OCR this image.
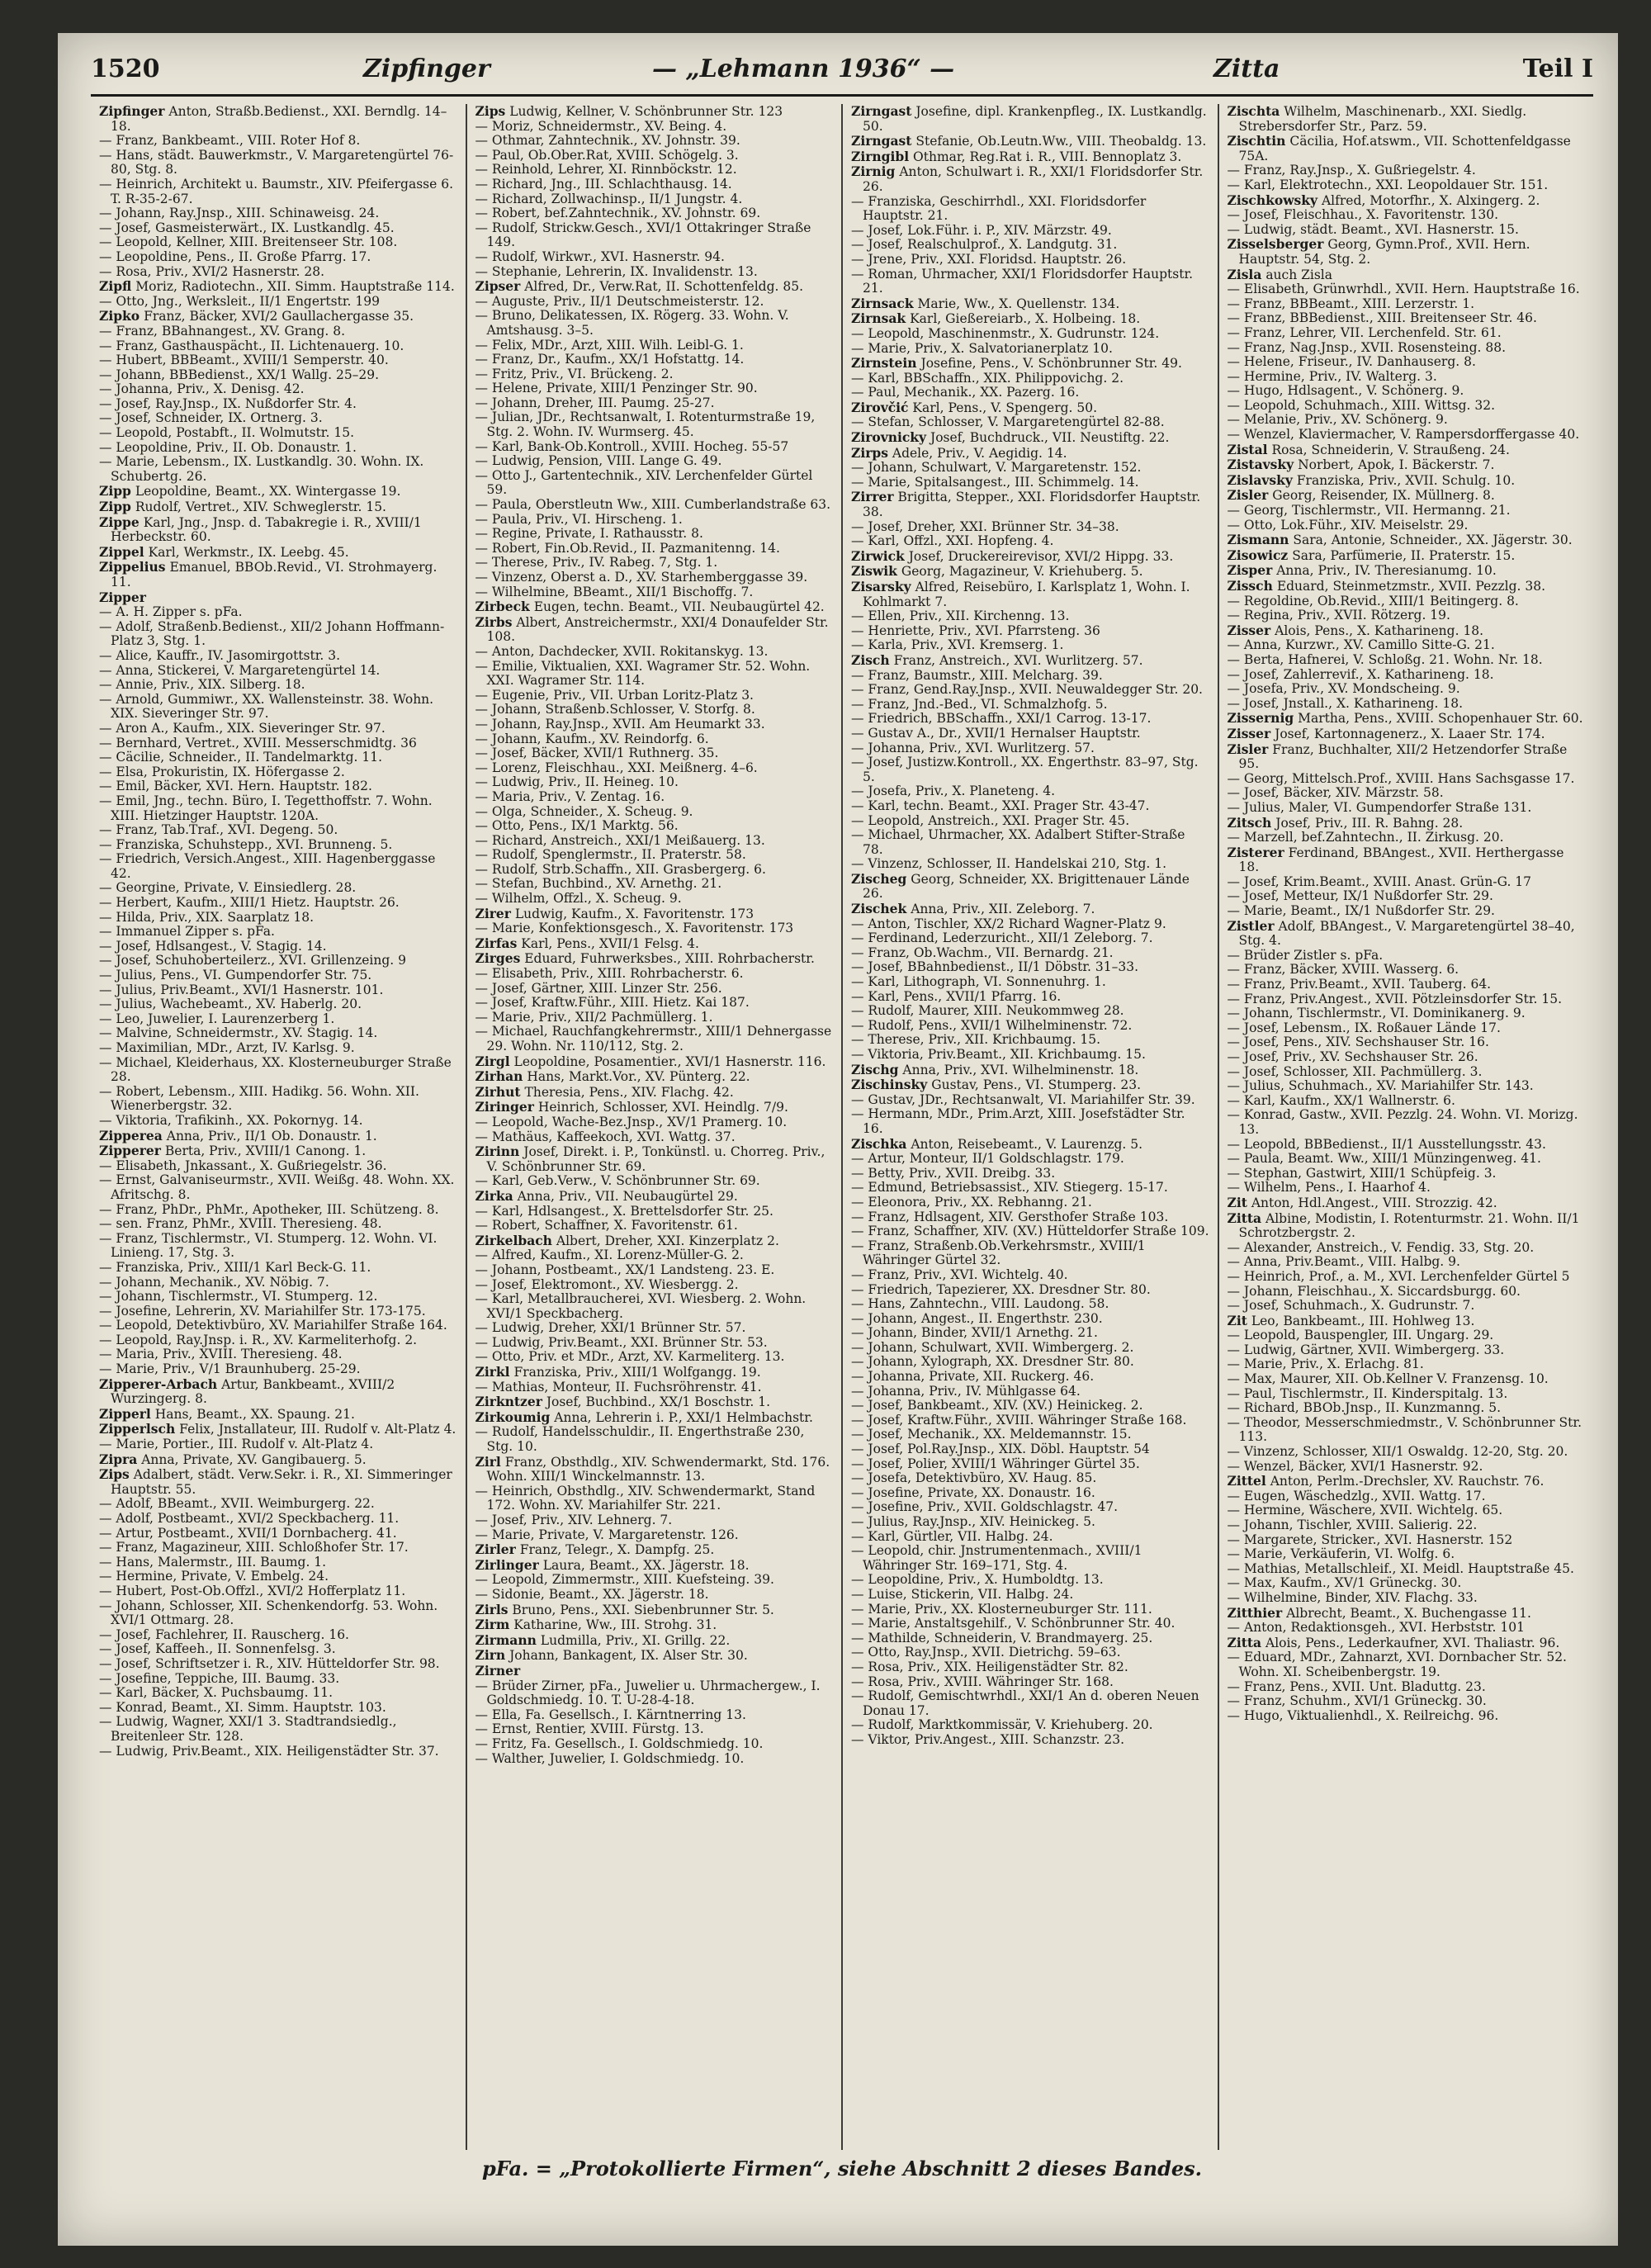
1520	Zipfinger	— „Lehmann 1936“ —	Zitta	Teil I

Zipfinger Anton, Straßb.Bedienst., XXI. Berndlg. 14–18.

— Franz, Bankbeamt., VIII. Roter Hof 8.

— Hans, städt. Bauwerkmstr., V. Margaretengürtel 76-80, Stg. 8.

— Heinrich, Architekt u. Baumstr., XIV. Pfeifergasse 6. T. R-35-2-67.

— Johann, Ray.Jnsp., XIII. Schinaweisg. 24.

— Josef, Gasmeisterwärt., IX. Lustkandlg. 45.

— Leopold, Kellner, XIII. Breitenseer Str. 108.

— Leopoldine, Pens., II. Große Pfarrg. 17.

— Rosa, Priv., XVI/2 Hasnerstr. 28.

Zipfl Moriz, Radiotechn., XII. Simm. Hauptstraße 114.

— Otto, Jng., Werksleit., II/1 Engertstr. 199

Zipko Franz, Bäcker, XVI/2 Gaullachergasse 35.

— Franz, BBahnangest., XV. Grang. 8.

— Franz, Gasthauspächt., II. Lichtenauerg. 10.

— Hubert, BBBeamt., XVIII/1 Semperstr. 40.

— Johann, BBBedienst., XX/1 Wallg. 25–29.

— Johanna, Priv., X. Denisg. 42.

— Josef, Ray.Jnsp., IX. Nußdorfer Str. 4.

— Josef, Schneider, IX. Ortnerg. 3.

— Leopold, Postabft., II. Wolmutstr. 15.

— Leopoldine, Priv., II. Ob. Donaustr. 1.

— Marie, Lebensm., IX. Lustkandlg. 30. Wohn. IX. Schubertg. 26.

Zipp Leopoldine, Beamt., XX. Wintergasse 19.

Zipp Rudolf, Vertret., XIV. Schweglerstr. 15.

Zippe Karl, Jng., Jnsp. d. Tabakregie i. R., XVIII/1 Herbeckstr. 60.

Zippel Karl, Werkmstr., IX. Leebg. 45.

Zippelius Emanuel, BBOb.Revid., VI. Strohmayerg. 11.

Zipper

— A. H. Zipper s. pFa.

— Adolf, Straßenb.Bedienst., XII/2 Johann Hoffmann-Platz 3, Stg. 1.

— Alice, Kauffr., IV. Jasomirgottstr. 3.

— Anna, Stickerei, V. Margaretengürtel 14.

— Annie, Priv., XIX. Silberg. 18.

— Arnold, Gummiwr., XX. Wallensteinstr. 38. Wohn. XIX. Sieveringer Str. 97.

— Aron A., Kaufm., XIX. Sieveringer Str. 97.

— Bernhard, Vertret., XVIII. Messerschmidtg. 36

— Cäcilie, Schneider., II. Tandelmarktg. 11.

— Elsa, Prokuristin, IX. Höfergasse 2.

— Emil, Bäcker, XVI. Hern. Hauptstr. 182.

— Emil, Jng., techn. Büro, I. Tegetthoffstr. 7. Wohn. XIII. Hietzinger Hauptstr. 120A.

— Franz, Tab.Traf., XVI. Degeng. 50.

— Franziska, Schuhstepp., XVI. Brunneng. 5.

— Friedrich, Versich.Angest., XIII. Hagenberggasse 42.

— Georgine, Private, V. Einsiedlerg. 28.

— Herbert, Kaufm., XIII/1 Hietz. Hauptstr. 26.

— Hilda, Priv., XIX. Saarplatz 18.

— Immanuel Zipper s. pFa.

— Josef, Hdlsangest., V. Stagig. 14.

— Josef, Schuhoberteilerz., XVI. Grillenzeing. 9

— Julius, Pens., VI. Gumpendorfer Str. 75.

— Julius, Priv.Beamt., XVI/1 Hasnerstr. 101.

— Julius, Wachebeamt., XV. Haberlg. 20.

— Leo, Juwelier, I. Laurenzerberg 1.

— Malvine, Schneidermstr., XV. Stagig. 14.

— Maximilian, MDr., Arzt, IV. Karlsg. 9.

— Michael, Kleiderhaus, XX. Klosterneuburger Straße 28.

— Robert, Lebensm., XIII. Hadikg. 56. Wohn. XII. Wienerbergstr. 32.

— Viktoria, Trafikinh., XX. Pokornyg. 14.

Zipperea Anna, Priv., II/1 Ob. Donaustr. 1.

Zipperer Berta, Priv., XVIII/1 Canong. 1.

— Elisabeth, Jnkassant., X. Gußriegelstr. 36.

— Ernst, Galvaniseurmstr., XVII. Weißg. 48. Wohn. XX. Afritschg. 8.

— Franz, PhDr., PhMr., Apotheker, III. Schützeng. 8.

— sen. Franz, PhMr., XVIII. Theresieng. 48.

— Franz, Tischlermstr., VI. Stumperg. 12. Wohn. VI. Linieng. 17, Stg. 3.

— Franziska, Priv., XIII/1 Karl Beck-G. 11.

— Johann, Mechanik., XV. Nöbig. 7.

— Johann, Tischlermstr., VI. Stumperg. 12.

— Josefine, Lehrerin, XV. Mariahilfer Str. 173-175.

— Leopold, Detektivbüro, XV. Mariahilfer Straße 164.

— Leopold, Ray.Jnsp. i. R., XV. Karmeliterhofg. 2.

— Maria, Priv., XVIII. Theresieng. 48.

— Marie, Priv., V/1 Braunhuberg. 25-29.

Zipperer-Arbach Artur, Bankbeamt., XVIII/2 Wurzingerg. 8.

Zipperl Hans, Beamt., XX. Spaung. 21.

Zipperlsch Felix, Jnstallateur, III. Rudolf v. Alt-Platz 4.

— Marie, Portier., III. Rudolf v. Alt-Platz 4.

Zipra Anna, Private, XV. Gangibauerg. 5.

Zips Adalbert, städt. Verw.Sekr. i. R., XI. Simmeringer Hauptstr. 55.

— Adolf, BBeamt., XVII. Weimburgerg. 22.

— Adolf, Postbeamt., XVI/2 Speckbacherg. 11.

— Artur, Postbeamt., XVII/1 Dornbacherg. 41.

— Franz, Magazineur, XIII. Schloßhofer Str. 17.

— Hans, Malermstr., III. Baumg. 1.

— Hermine, Private, V. Embelg. 24.

— Hubert, Post-Ob.Offzl., XVI/2 Hofferplatz 11.

— Johann, Schlosser, XII. Schenkendorfg. 53. Wohn. XVI/1 Ottmarg. 28.

— Josef, Fachlehrer, II. Rauscherg. 16.

— Josef, Kaffeeh., II. Sonnenfelsg. 3.

— Josef, Schriftsetzer i. R., XIV. Hütteldorfer Str. 98.

— Josefine, Teppiche, III. Baumg. 33.

— Karl, Bäcker, X. Puchsbaumg. 11.

— Konrad, Beamt., XI. Simm. Hauptstr. 103.

— Ludwig, Wagner, XXI/1 3. Stadtrandsiedlg., Breitenleer Str. 128.

— Ludwig, Priv.Beamt., XIX. Heiligenstädter Str. 37.

Zips Ludwig, Kellner, V. Schönbrunner Str. 123

— Moriz, Schneidermstr., XV. Being. 4.

— Othmar, Zahntechnik., XV. Johnstr. 39.

— Paul, Ob.Ober.Rat, XVIII. Schögelg. 3.

— Reinhold, Lehrer, XI. Rinnböckstr. 12.

— Richard, Jng., III. Schlachthausg. 14.

— Richard, Zollwachinsp., II/1 Jungstr. 4.

— Robert, bef.Zahntechnik., XV. Johnstr. 69.

— Rudolf, Strickw.Gesch., XVI/1 Ottakringer Straße 149.

— Rudolf, Wirkwr., XVI. Hasnerstr. 94.

— Stephanie, Lehrerin, IX. Invalidenstr. 13.

Zipser Alfred, Dr., Verw.Rat, II. Schottenfeldg. 85.

— Auguste, Priv., II/1 Deutschmeisterstr. 12.

— Bruno, Delikatessen, IX. Rögerg. 33. Wohn. V. Amtshausg. 3–5.

— Felix, MDr., Arzt, XIII. Wilh. Leibl-G. 1.

— Franz, Dr., Kaufm., XX/1 Hofstattg. 14.

— Fritz, Priv., VI. Brückeng. 2.

— Helene, Private, XIII/1 Penzinger Str. 90.

— Johann, Dreher, III. Paumg. 25-27.

— Julian, JDr., Rechtsanwalt, I. Rotenturmstraße 19, Stg. 2. Wohn. IV. Wurmserg. 45.

— Karl, Bank-Ob.Kontroll., XVIII. Hocheg. 55-57

— Ludwig, Pension, VIII. Lange G. 49.

— Otto J., Gartentechnik., XIV. Lerchenfelder Gürtel 59.

— Paula, Oberstleutn Ww., XIII. Cumberlandstraße 63.

— Paula, Priv., VI. Hirscheng. 1.

— Regine, Private, I. Rathausstr. 8.

— Robert, Fin.Ob.Revid., II. Pazmanitenng. 14.

— Therese, Priv., IV. Rabeg. 7, Stg. 1.

— Vinzenz, Oberst a. D., XV. Starhemberggasse 39.

— Wilhelmine, BBeamt., XII/1 Bischoffg. 7.

Zirbeck Eugen, techn. Beamt., VII. Neubaugürtel 42.

Zirbs Albert, Anstreichermstr., XXI/4 Donaufelder Str. 108.

— Anton, Dachdecker, XVII. Rokitanskyg. 13.

— Emilie, Viktualien, XXI. Wagramer Str. 52. Wohn. XXI. Wagramer Str. 114.

— Eugenie, Priv., VII. Urban Loritz-Platz 3.

— Johann, Straßenb.Schlosser, V. Storfg. 8.

— Johann, Ray.Jnsp., XVII. Am Heumarkt 33.

— Johann, Kaufm., XV. Reindorfg. 6.

— Josef, Bäcker, XVII/1 Ruthnerg. 35.

— Lorenz, Fleischhau., XXI. Meißnerg. 4–6.

— Ludwig, Priv., II. Heineg. 10.

— Maria, Priv., V. Zentag. 16.

— Olga, Schneider., X. Scheug. 9.

— Otto, Pens., IX/1 Marktg. 56.

— Richard, Anstreich., XXI/1 Meißauerg. 13.

— Rudolf, Spenglermstr., II. Praterstr. 58.

— Rudolf, Strb.Schaffn., XII. Grasbergerg. 6.

— Stefan, Buchbind., XV. Arnethg. 21.

— Wilhelm, Offzl., X. Scheug. 9.

Zirer Ludwig, Kaufm., X. Favoritenstr. 173

— Marie, Konfektionsgesch., X. Favoritenstr. 173

Zirfas Karl, Pens., XVII/1 Felsg. 4.

Zirges Eduard, Fuhrwerksbes., XIII. Rohrbacherstr.

— Elisabeth, Priv., XIII. Rohrbacherstr. 6.

— Josef, Gärtner, XIII. Linzer Str. 256.

— Josef, Kraftw.Führ., XIII. Hietz. Kai 187.

— Marie, Priv., XII/2 Pachmüllerg. 1.

— Michael, Rauchfangkehrermstr., XIII/1 Dehnergasse 29. Wohn. Nr. 110/112, Stg. 2.

Zirgl Leopoldine, Posamentier., XVI/1 Hasnerstr. 116.

Zirhan Hans, Markt.Vor., XV. Pünterg. 22.

Zirhut Theresia, Pens., XIV. Flachg. 42.

Ziringer Heinrich, Schlosser, XVI. Heindlg. 7/9.

— Leopold, Wache-Bez.Jnsp., XV/1 Pramerg. 10.

— Mathäus, Kaffeekoch, XVI. Wattg. 37.

Zirinn Josef, Direkt. i. P., Tonkünstl. u. Chorreg. Priv., V. Schönbrunner Str. 69.

— Karl, Geb.Verw., V. Schönbrunner Str. 69.

Zirka Anna, Priv., VII. Neubaugürtel 29.

— Karl, Hdlsangest., X. Brettelsdorfer Str. 25.

— Robert, Schaffner, X. Favoritenstr. 61.

Zirkelbach Albert, Dreher, XXI. Kinzerplatz 2.

— Alfred, Kaufm., XI. Lorenz-Müller-G. 2.

— Johann, Postbeamt., XX/1 Landsteng. 23. E.

— Josef, Elektromont., XV. Wiesbergg. 2.

— Karl, Metallbraucherei, XVI. Wiesberg. 2. Wohn. XVI/1 Speckbacherg.

— Ludwig, Dreher, XXI/1 Brünner Str. 57.

— Ludwig, Priv.Beamt., XXI. Brünner Str. 53.

— Otto, Priv. et MDr., Arzt, XV. Karmeliterg. 13.

Zirkl Franziska, Priv., XIII/1 Wolfgangg. 19.

— Mathias, Monteur, II. Fuchsröhrenstr. 41.

Zirkntzer Josef, Buchbind., XX/1 Boschstr. 1.

Zirkoumig Anna, Lehrerin i. P., XXI/1 Helmbachstr.

— Rudolf, Handelsschuldir., II. Engerthstraße 230, Stg. 10.

Zirl Franz, Obsthdlg., XIV. Schwendermarkt, Std. 176. Wohn. XIII/1 Winckelmannstr. 13.

— Heinrich, Obsthdlg., XIV. Schwendermarkt, Stand 172. Wohn. XV. Mariahilfer Str. 221.

— Josef, Priv., XIV. Lehnerg. 7.

— Marie, Private, V. Margaretenstr. 126.

Zirler Franz, Telegr., X. Dampfg. 25.

Zirlinger Laura, Beamt., XX. Jägerstr. 18.

— Leopold, Zimmermstr., XIII. Kuefsteing. 39.

— Sidonie, Beamt., XX. Jägerstr. 18.

Zirls Bruno, Pens., XXI. Siebenbrunner Str. 5.

Zirm Katharine, Ww., III. Strohg. 31.

Zirmann Ludmilla, Priv., XI. Grillg. 22.

Zirn Johann, Bankagent, IX. Alser Str. 30.

Zirner

— Brüder Zirner, pFa., Juwelier u. Uhrmachergew., I. Goldschmiedg. 10. T. U-28-4-18.

— Ella, Fa. Gesellsch., I. Kärntnerring 13.

— Ernst, Rentier, XVIII. Fürstg. 13.

— Fritz, Fa. Gesellsch., I. Goldschmiedg. 10.

— Walther, Juwelier, I. Goldschmiedg. 10.

Zirngast Josefine, dipl. Krankenpfleg., IX. Lustkandlg. 50.

Zirngast Stefanie, Ob.Leutn.Ww., VIII. Theobaldg. 13.

Zirngibl Othmar, Reg.Rat i. R., VIII. Bennoplatz 3.

Zirnig Anton, Schulwart i. R., XXI/1 Floridsdorfer Str. 26.

— Franziska, Geschirrhdl., XXI. Floridsdorfer Hauptstr. 21.

— Josef, Lok.Führ. i. P., XIV. Märzstr. 49.

— Josef, Realschulprof., X. Landgutg. 31.

— Jrene, Priv., XXI. Floridsd. Hauptstr. 26.

— Roman, Uhrmacher, XXI/1 Floridsdorfer Hauptstr. 21.

Zirnsack Marie, Ww., X. Quellenstr. 134.

Zirnsak Karl, Gießereiarb., X. Holbeing. 18.

— Leopold, Maschinenmstr., X. Gudrunstr. 124.

— Marie, Priv., X. Salvatorianerplatz 10.

Zirnstein Josefine, Pens., V. Schönbrunner Str. 49.

— Karl, BBSchaffn., XIX. Philippovichg. 2.

— Paul, Mechanik., XX. Pazerg. 16.

Zirovčić Karl, Pens., V. Spengerg. 50.

— Stefan, Schlosser, V. Margaretengürtel 82-88.

Zirovnicky Josef, Buchdruck., VII. Neustiftg. 22.

Zirps Adele, Priv., V. Aegidig. 14.

— Johann, Schulwart, V. Margaretenstr. 152.

— Marie, Spitalsangest., III. Schimmelg. 14.

Zirrer Brigitta, Stepper., XXI. Floridsdorfer Hauptstr. 38.

— Josef, Dreher, XXI. Brünner Str. 34–38.

— Karl, Offzl., XXI. Hopfeng. 4.

Zirwick Josef, Druckereirevisor, XVI/2 Hippg. 33.

Ziswik Georg, Magazineur, V. Kriehuberg. 5.

Zisarsky Alfred, Reisebüro, I. Karlsplatz 1, Wohn. I. Kohlmarkt 7.

— Ellen, Priv., XII. Kirchenng. 13.

— Henriette, Priv., XVI. Pfarrsteng. 36

— Karla, Priv., XVI. Kremserg. 1.

Zisch Franz, Anstreich., XVI. Wurlitzerg. 57.

— Franz, Baumstr., XIII. Melcharg. 39.

— Franz, Gend.Ray.Jnsp., XVII. Neuwaldegger Str. 20.

— Franz, Jnd.-Bed., VI. Schmalzhofg. 5.

— Friedrich, BBSchaffn., XXI/1 Carrog. 13-17.

— Gustav A., Dr., XVII/1 Hernalser Hauptstr.

— Johanna, Priv., XVI. Wurlitzerg. 57.

— Josef, Justizw.Kontroll., XX. Engerthstr. 83–97, Stg. 5.

— Josefa, Priv., X. Planeteng. 4.

— Karl, techn. Beamt., XXI. Prager Str. 43-47.

— Leopold, Anstreich., XXI. Prager Str. 45.

— Michael, Uhrmacher, XX. Adalbert Stifter-Straße 78.

— Vinzenz, Schlosser, II. Handelskai 210, Stg. 1.

Zischeg Georg, Schneider, XX. Brigittenauer Lände 26.

Zischek Anna, Priv., XII. Zeleborg. 7.

— Anton, Tischler, XX/2 Richard Wagner-Platz 9.

— Ferdinand, Lederzuricht., XII/1 Zeleborg. 7.

— Franz, Ob.Wachm., VII. Bernardg. 21.

— Josef, BBahnbedienst., II/1 Döbstr. 31–33.

— Karl, Lithograph, VI. Sonnenuhrg. 1.

— Karl, Pens., XVII/1 Pfarrg. 16.

— Rudolf, Maurer, XIII. Neukommweg 28.

— Rudolf, Pens., XVII/1 Wilhelminenstr. 72.

— Therese, Priv., XII. Krichbaumg. 15.

— Viktoria, Priv.Beamt., XII. Krichbaumg. 15.

Zischg Anna, Priv., XVI. Wilhelminenstr. 18.

Zischinsky Gustav, Pens., VI. Stumperg. 23.

— Gustav, JDr., Rechtsanwalt, VI. Mariahilfer Str. 39.

— Hermann, MDr., Prim.Arzt, XIII. Josefstädter Str. 16.

Zischka Anton, Reisebeamt., V. Laurenzg. 5.

— Artur, Monteur, II/1 Goldschlagstr. 179.

— Betty, Priv., XVII. Dreibg. 33.

— Edmund, Betriebsassist., XIV. Stiegerg. 15-17.

— Eleonora, Priv., XX. Rebhanng. 21.

— Franz, Hdlsagent, XIV. Gersthofer Straße 103.

— Franz, Schaffner, XIV. (XV.) Hütteldorfer Straße 109.

— Franz, Straßenb.Ob.Verkehrsmstr., XVIII/1 Währinger Gürtel 32.

— Franz, Priv., XVI. Wichtelg. 40.

— Friedrich, Tapezierer, XX. Dresdner Str. 80.

— Hans, Zahntechn., VIII. Laudong. 58.

— Johann, Angest., II. Engerthstr. 230.

— Johann, Binder, XVII/1 Arnethg. 21.

— Johann, Schulwart, XVII. Wimbergerg. 2.

— Johann, Xylograph, XX. Dresdner Str. 80.

— Johanna, Private, XII. Ruckerg. 46.

— Johanna, Priv., IV. Mühlgasse 64.

— Josef, Bankbeamt., XIV. (XV.) Heinickeg. 2.

— Josef, Kraftw.Führ., XVIII. Währinger Straße 168.

— Josef, Mechanik., XX. Meldemannstr. 15.

— Josef, Pol.Ray.Jnsp., XIX. Döbl. Hauptstr. 54

— Josef, Polier, XVIII/1 Währinger Gürtel 35.

— Josefa, Detektivbüro, XV. Haug. 85.

— Josefine, Private, XX. Donaustr. 16.

— Josefine, Priv., XVII. Goldschlagstr. 47.

— Julius, Ray.Jnsp., XIV. Heinickeg. 5.

— Karl, Gürtler, VII. Halbg. 24.

— Leopold, chir. Jnstrumentenmach., XVIII/1 Währinger Str. 169–171, Stg. 4.

— Leopoldine, Priv., X. Humboldtg. 13.

— Luise, Stickerin, VII. Halbg. 24.

— Marie, Priv., XX. Klosterneuburger Str. 111.

— Marie, Anstaltsgehilf., V. Schönbrunner Str. 40.

— Mathilde, Schneiderin, V. Brandmayerg. 25.

— Otto, Ray.Jnsp., XVII. Dietrichg. 59–63.

— Rosa, Priv., XIX. Heiligenstädter Str. 82.

— Rosa, Priv., XVIII. Währinger Str. 168.

— Rudolf, Gemischtwrhdl., XXI/1 An d. oberen Neuen Donau 17.

— Rudolf, Marktkommissär, V. Kriehuberg. 20.

— Viktor, Priv.Angest., XIII. Schanzstr. 23.

Zischta Wilhelm, Maschinenarb., XXI. Siedlg. Strebersdorfer Str., Parz. 59.

Zischtin Cäcilia, Hof.atswm., VII. Schottenfeldgasse 75A.

— Franz, Ray.Jnsp., X. Gußriegelstr. 4.

— Karl, Elektrotechn., XXI. Leopoldauer Str. 151.

Zischkowsky Alfred, Motorfhr., X. Alxingerg. 2.

— Josef, Fleischhau., X. Favoritenstr. 130.

— Ludwig, städt. Beamt., XVI. Hasnerstr. 15.

Zisselsberger Georg, Gymn.Prof., XVII. Hern. Hauptstr. 54, Stg. 2.

Zisla auch Zisla

— Elisabeth, Grünwrhdl., XVII. Hern. Hauptstraße 16.

— Franz, BBBeamt., XIII. Lerzerstr. 1.

— Franz, BBBedienst., XIII. Breitenseer Str. 46.

— Franz, Lehrer, VII. Lerchenfeld. Str. 61.

— Franz, Nag.Jnsp., XVII. Rosensteing. 88.

— Helene, Friseur., IV. Danhauserg. 8.

— Hermine, Priv., IV. Walterg. 3.

— Hugo, Hdlsagent., V. Schönerg. 9.

— Leopold, Schuhmach., XIII. Wittsg. 32.

— Melanie, Priv., XV. Schönerg. 9.

— Wenzel, Klaviermacher, V. Rampersdorffergasse 40.

Zistal Rosa, Schneiderin, V. Straußeng. 24.

Zistavsky Norbert, Apok, I. Bäckerstr. 7.

Zislavsky Franziska, Priv., XVII. Schulg. 10.

Zisler Georg, Reisender, IX. Müllnerg. 8.

— Georg, Tischlermstr., VII. Hermanng. 21.

— Otto, Lok.Führ., XIV. Meiselstr. 29.

Zismann Sara, Antonie, Schneider., XX. Jägerstr. 30.

Zisowicz Sara, Parfümerie, II. Praterstr. 15.

Zisper Anna, Priv., IV. Theresianumg. 10.

Zissch Eduard, Steinmetzmstr., XVII. Pezzlg. 38.

— Regoldine, Ob.Revid., XIII/1 Beitingerg. 8.

— Regina, Priv., XVII. Rötzerg. 19.

Zisser Alois, Pens., X. Katharineng. 18.

— Anna, Kurzwr., XV. Camillo Sitte-G. 21.

— Berta, Hafnerei, V. Schloßg. 21. Wohn. Nr. 18.

— Josef, Zahlerrevif., X. Katharineng. 18.

— Josefa, Priv., XV. Mondscheing. 9.

— Josef, Jnstall., X. Katharineng. 18.

Zissernig Martha, Pens., XVIII. Schopenhauer Str. 60.

Zisser Josef, Kartonnagenerz., X. Laaer Str. 174.

Zisler Franz, Buchhalter, XII/2 Hetzendorfer Straße 95.

— Georg, Mittelsch.Prof., XVIII. Hans Sachsgasse 17.

— Josef, Bäcker, XIV. Märzstr. 58.

— Julius, Maler, VI. Gumpendorfer Straße 131.

Zitsch Josef, Priv., III. R. Bahng. 28.

— Marzell, bef.Zahntechn., II. Zirkusg. 20.

Zisterer Ferdinand, BBAngest., XVII. Herthergasse 18.

— Josef, Krim.Beamt., XVIII. Anast. Grün-G. 17

— Josef, Metteur, IX/1 Nußdorfer Str. 29.

— Marie, Beamt., IX/1 Nußdorfer Str. 29.

Zistler Adolf, BBAngest., V. Margaretengürtel 38–40, Stg. 4.

— Brüder Zistler s. pFa.

— Franz, Bäcker, XVIII. Wasserg. 6.

— Franz, Priv.Beamt., XVII. Tauberg. 64.

— Franz, Priv.Angest., XVII. Pötzleinsdorfer Str. 15.

— Johann, Tischlermstr., VI. Dominikanerg. 9.

— Josef, Lebensm., IX. Roßauer Lände 17.

— Josef, Pens., XIV. Sechshauser Str. 16.

— Josef, Priv., XV. Sechshauser Str. 26.

— Josef, Schlosser, XII. Pachmüllerg. 3.

— Julius, Schuhmach., XV. Mariahilfer Str. 143.

— Karl, Kaufm., XX/1 Wallnerstr. 6.

— Konrad, Gastw., XVII. Pezzlg. 24. Wohn. VI. Morizg. 13.

— Leopold, BBBedienst., II/1 Ausstellungsstr. 43.

— Paula, Beamt. Ww., XIII/1 Münzingenweg. 41.

— Stephan, Gastwirt, XIII/1 Schüpfeig. 3.

— Wilhelm, Pens., I. Haarhof 4.

Zit Anton, Hdl.Angest., VIII. Strozzig. 42.

Zitta Albine, Modistin, I. Rotenturmstr. 21. Wohn. II/1 Schrotzbergstr. 2.

— Alexander, Anstreich., V. Fendig. 33, Stg. 20.

— Anna, Priv.Beamt., VIII. Halbg. 9.

— Heinrich, Prof., a. M., XVI. Lerchenfelder Gürtel 5

— Johann, Fleischhau., X. Siccardsburgg. 60.

— Josef, Schuhmach., X. Gudrunstr. 7.

Zit Leo, Bankbeamt., III. Hohlweg 13.

— Leopold, Bauspengler, III. Ungarg. 29.

— Ludwig, Gärtner, XVII. Wimbergerg. 33.

— Marie, Priv., X. Erlachg. 81.

— Max, Maurer, XII. Ob.Kellner V. Franzensg. 10.

— Paul, Tischlermstr., II. Kinderspitalg. 13.

— Richard, BBOb.Jnsp., II. Kunzmanng. 5.

— Theodor, Messerschmiedmstr., V. Schönbrunner Str. 113.

— Vinzenz, Schlosser, XII/1 Oswaldg. 12-20, Stg. 20.

— Wenzel, Bäcker, XVI/1 Hasnerstr. 92.

Zittel Anton, Perlm.-Drechsler, XV. Rauchstr. 76.

— Eugen, Wäschedzlg., XVII. Wattg. 17.

— Hermine, Wäschere, XVII. Wichtelg. 65.

— Johann, Tischler, XVIII. Salierig. 22.

— Margarete, Stricker., XVI. Hasnerstr. 152

— Marie, Verkäuferin, VI. Wolfg. 6.

— Mathias, Metallschleif., XI. Meidl. Hauptstraße 45.

— Max, Kaufm., XV/1 Grüneckg. 30.

— Wilhelmine, Binder, XIV. Flachg. 33.

Zitthier Albrecht, Beamt., X. Buchengasse 11.

— Anton, Redaktionsgeh., XVI. Herbststr. 101

Zitta Alois, Pens., Lederkaufner, XVI. Thaliastr. 96.

— Eduard, MDr., Zahnarzt, XVI. Dornbacher Str. 52. Wohn. XI. Scheibenbergstr. 19.

— Franz, Pens., XVII. Unt. Bladuttg. 23.

— Franz, Schuhm., XVI/1 Grüneckg. 30.

— Hugo, Viktualienhdl., X. Reilreichg. 96.

pFa. = „Protokollierte Firmen“, siehe Abschnitt 2 dieses Bandes.
